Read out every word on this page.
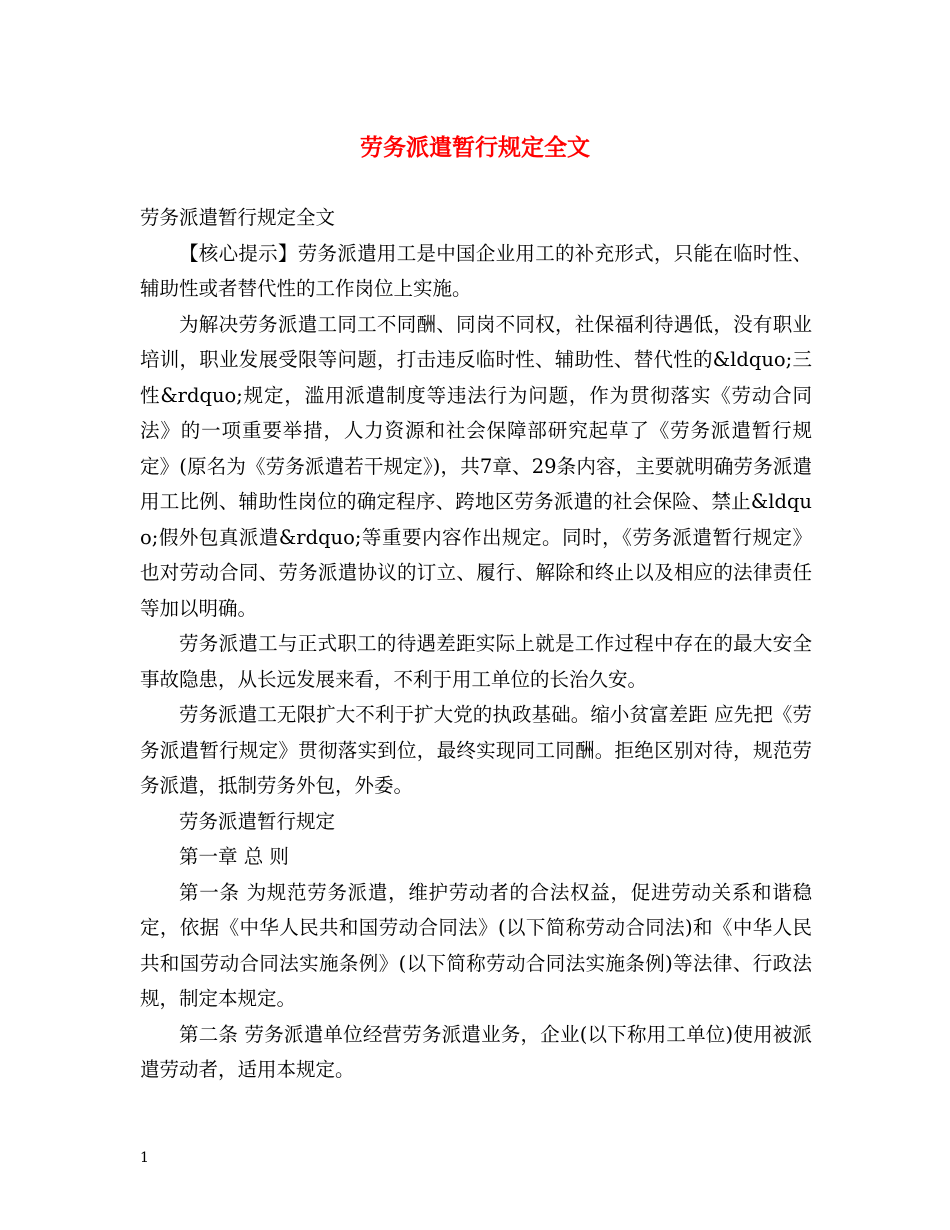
劳务派遣暂行规定全文

劳务派遣暂行规定全文

【核心提示】劳务派遣用工是中国企业用工的补充形式，只能在临时性、辅助性或者替代性的工作岗位上实施。

为解决劳务派遣工同工不同酬、同岗不同权，社保福利待遇低，没有职业培训，职业发展受限等问题，打击违反临时性、辅助性、替代性的&ldquo;三性&rdquo;规定，滥用派遣制度等违法行为问题，作为贯彻落实《劳动合同法》的一项重要举措，人力资源和社会保障部研究起草了《劳务派遣暂行规定》(原名为《劳务派遣若干规定》)，共7章、29条内容，主要就明确劳务派遣用工比例、辅助性岗位的确定程序、跨地区劳务派遣的社会保险、禁止&ldquo;假外包真派遣&rdquo;等重要内容作出规定。同时，《劳务派遣暂行规定》也对劳动合同、劳务派遣协议的订立、履行、解除和终止以及相应的法律责任等加以明确。

劳务派遣工与正式职工的待遇差距实际上就是工作过程中存在的最大安全事故隐患，从长远发展来看，不利于用工单位的长治久安。

劳务派遣工无限扩大不利于扩大党的执政基础。缩小贫富差距 应先把《劳务派遣暂行规定》贯彻落实到位，最终实现同工同酬。拒绝区别对待，规范劳务派遣，抵制劳务外包，外委。

劳务派遣暂行规定

第一章 总 则

第一条 为规范劳务派遣，维护劳动者的合法权益，促进劳动关系和谐稳定，依据《中华人民共和国劳动合同法》(以下简称劳动合同法)和《中华人民共和国劳动合同法实施条例》(以下简称劳动合同法实施条例)等法律、行政法规，制定本规定。

第二条 劳务派遣单位经营劳务派遣业务，企业(以下称用工单位)使用被派遣劳动者，适用本规定。

1
